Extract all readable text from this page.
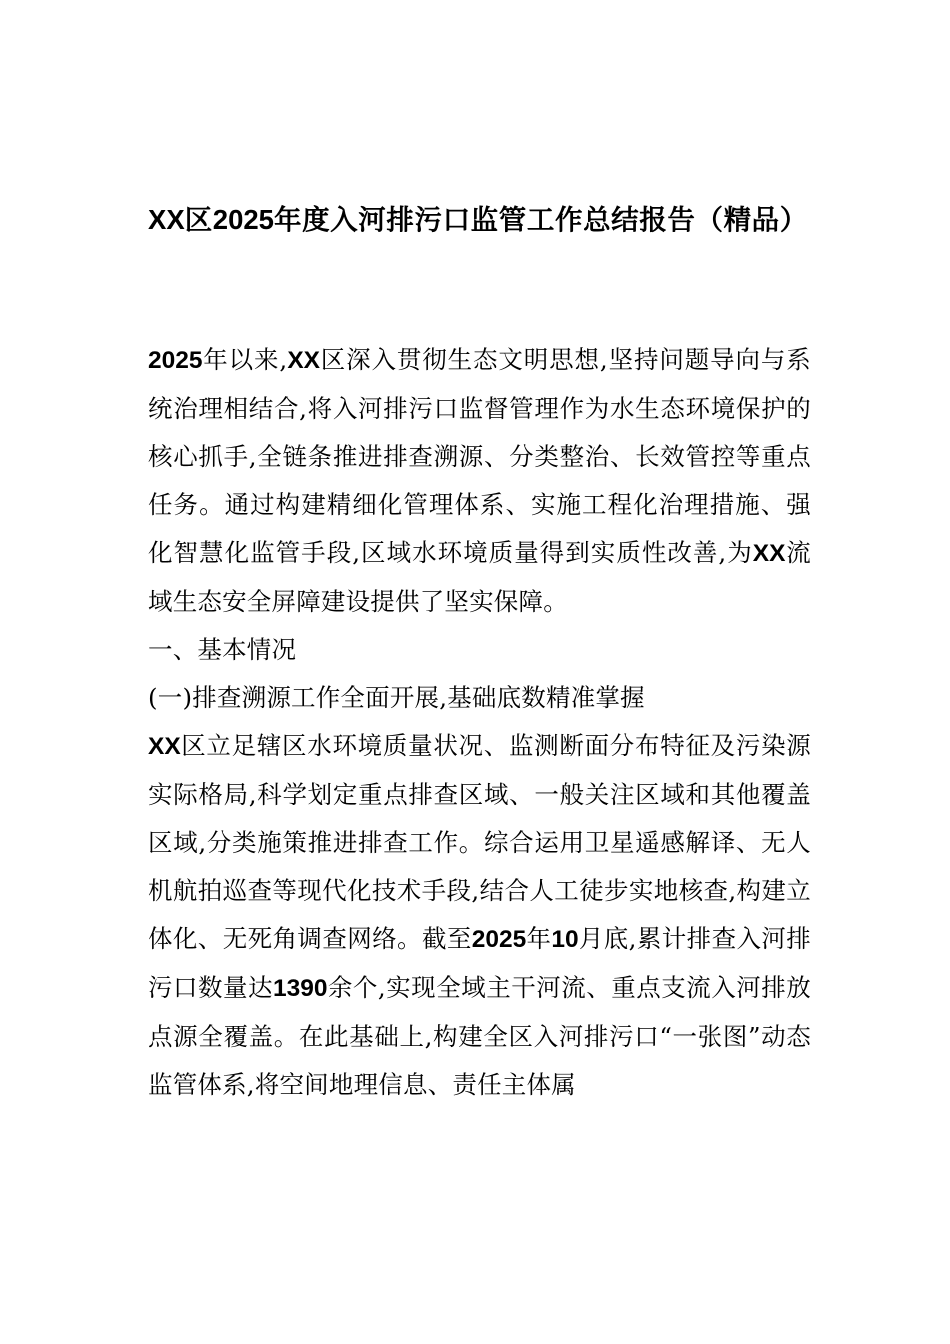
XX区2025年度入河排污口监管工作总结报告（精品）

2025年以来,XX区深入贯彻生态文明思想,坚持问题导向与系统治理相结合,将入河排污口监督管理作为水生态环境保护的核心抓手,全链条推进排查溯源、分类整治、长效管控等重点任务。通过构建精细化管理体系、实施工程化治理措施、强化智慧化监管手段,区域水环境质量得到实质性改善,为XX流域生态安全屏障建设提供了坚实保障。

一、基本情况

(一)排查溯源工作全面开展,基础底数精准掌握

XX区立足辖区水环境质量状况、监测断面分布特征及污染源实际格局,科学划定重点排查区域、一般关注区域和其他覆盖区域,分类施策推进排查工作。综合运用卫星遥感解译、无人机航拍巡查等现代化技术手段,结合人工徒步实地核查,构建立体化、无死角调查网络。截至2025年10月底,累计排查入河排污口数量达1390余个,实现全域主干河流、重点支流入河排放点源全覆盖。在此基础上,构建全区入河排污口“一张图”动态监管体系,将空间地理信息、责任主体属
